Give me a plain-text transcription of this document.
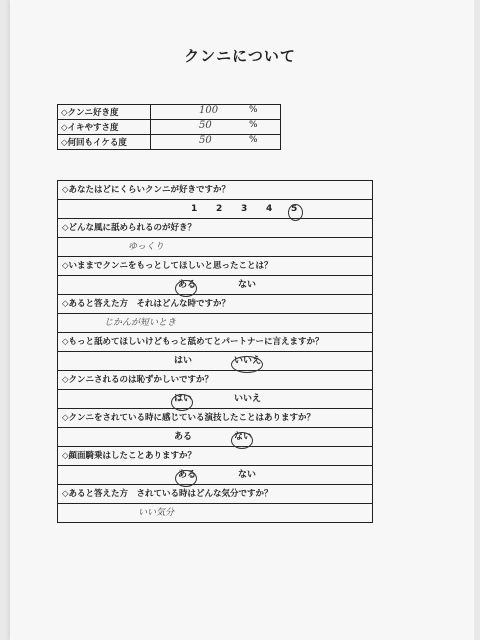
クンニについて
◇クンニ好き度	100 %

◇イキやすさ度	50 %

◇何回もイケる度	50 %
◇あなたはどにくらいクンニが好きですか？
1 2 3 4 5
◇どんな風に舐められるのが好き？
ゆっくり
◇いままでクンニをもっとしてほしいと思ったことは？
ある	ない
◇あると答えた方　それはどんな時ですか？
じかんが短いとき
◇もっと舐めてほしいけどもっと舐めてとパートナーに言えますか？
はい	いいえ
◇クンニされるのは恥ずかしいですか？
はい	いいえ
◇クンニをされている時に感じている演技したことはありますか？
ある	ない
◇顔面騎乗はしたことありますか？
ある	ない
◇あると答えた方　されている時はどんな気分ですか？
いい気分
